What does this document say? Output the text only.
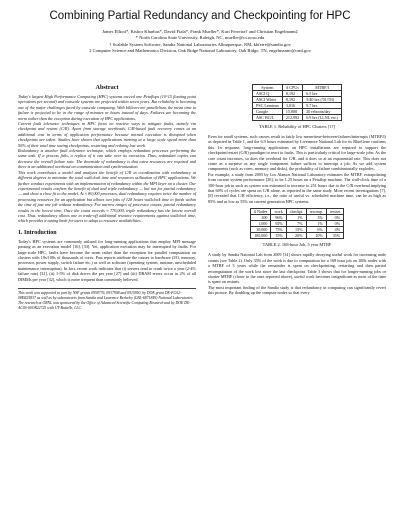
Combining Partial Redundancy and Checkpointing for HPC
James Elliott*, Kishor Kharbas*, David Fiala*, Frank Mueller*, Kurt Ferreira† and Christian Engelmann‡
* North Carolina State University, Raleigh, NC, mueller@cs.ncsu.edu
† Scalable System Software, Sandia National Laboratories Albuquerque, NM, kbferre@sandia.gov
‡ Computer Science and Mathematics Division, Oak Ridge National Laboratory, Oak Ridge, TN, engelmannc@ornl.gov
Abstract

Today's largest High Performance Computing (HPC) systems exceed one Petaflops (10^15 floating point operations per second) and exascale systems are projected within seven years. But reliability is becoming one of the major challenges faced by exascale computing. With billion-core parallelism, the mean time to failure is projected to be in the range of minutes or hours instead of days. Failures are becoming the norm rather than the exception during execution of HPC applications.

Current fault tolerance techniques in HPC focus on reactive ways to mitigate faults, namely via checkpoint and restart (C/R). Apart from storage overheads, C/R-based fault recovery comes at an additional cost in terms of application performance because normal execution is disrupted when checkpoints are taken. Studies have shown that applications running at a large scale spend more than 50% of their total time saving checkpoints, restarting and redoing lost work.

Redundancy is another fault tolerance technique, which employs redundant processes performing the same task. If a process fails, a replica of it can take over its execution. Thus, redundant copies can decrease the overall failure rate. The downside of redundancy is that extra resources are required and there is an additional overhead on communication and synchronization.

This work contributes a model and analyzes the benefit of C/R in coordination with redundancy at different degrees to minimize the total wallclock time and resources utilization of HPC applications. We further conduct experiments with an implementation of redundancy within the MPI layer on a cluster. Our experimental results confirm the benefit of dual and triple redundancy — but not for partial redundancy — and show a close fit to the model. At ≈ 80,000 processes, dual redundancy requires twice the number of processing resources for an application but allows two jobs of 128 hours wallclock time to finish within the time of just one job without redundancy. For narrow ranges of processor counts, partial redundancy results in the lowest time. Once the count exceeds ≈ 770,000, triple redundancy has the lowest overall cost. Thus, redundancy allows one to trade-off additional resource requirements against wallclock time, which provides a tuning knob for users to adapt to resource availabilities.

1. Introduction

Today's HPC systems are commonly utilized for long-running applications that employ MPI message passing as an execution model [16], [33]. Yet, application execution may be interrupted by faults. For large-scale HPC, faults have become the norm rather than the exception for parallel computation on clusters with 10s/100s of thousands of cores. Past reports attribute the causes to hardware (I/O, memory, processor, power supply, switch failure etc.) as well as software (operating system, runtime, unscheduled maintenance interruption). In fact, recent work indicates that (i) servers tend to crash twice a year (2-4% failure rate) [32], (ii) 1-5% of disk drives die per year [27] and (iii) DRAM errors occur in 2% of all DIMMs per year [32], which is more frequent than commonly believed.

This work was supported in part by NSF grants 0958776, 0937908 and 0915950, by DOE grant DE-FG02-08ER25837 as well as by subcontracts from Sandia and Lawrence Berkeley (LBL-6871849) National Laboratories. The research at ORNL was sponsored by the Office of Advanced Scientific Computing Research and by DOE DE-AC05-00OR22725 with UT-Battelle, LLC.
System	# CPUs	MTBF/I
ASCI Q	8,192	6.5 hrs
ASCI White	8,192	5/40 hrs ('01/'03)
PSC Lemieux	3,016	9.7 hrs
Google	15,000	20 reboots/day
ASC BG/L	212,992	6.9 hrs (LLNL est.)
TABLE 1. Reliability of HPC Clusters [17]

Even for small systems, such causes result in fairly low mean-time-between-failures/interrupts (MTBF/I) as depicted in Table 1, and the 6.9 hours estimated by Livermore National Lab for its BlueGene confirms this. In response, long-running applications on HPC installations are required to support the checkpoint/restart (C/R) paradigm to react to faults. This is particularly critical for large-scale jobs: As the core count increases, so does the overhead for C/R, and it does so at an exponential rate. This does not come as a surprise as any single component failure suffices to interrupt a job. As we add system components (such as cores, memory and disks), the probability of failure combinatorially explodes.

For example, a study from 2005 by Los Alamos National Laboratory estimates the MTBF, extrapolating from current system performance [26], to be 1.25 hours on a Petaflop machine. The wall-clock time of a 100-hour job in such as system was estimated to increase to 251 hours due to the C/R overhead implying that 60% of cycles are spent on C/R alone, as reported in the same study. More recent investigations [7], [8] revealed that C/R efficiency, i.e., the ratio of useful vs. scheduled machine time, can be as high as 85% and as low as 55% on current generation HPC systems.

# Nodes	work	checkpt	recomp.	restart
100	96%	1%	3%	0%
1,000	92%	7%	1%	0%
10,000	75%	15%	6%	4%
100,000	35%	20%	10%	35%
TABLE 2. 168-hour Job, 5 year MTBF

A study by Sandia National Lab from 2009 [14] shows rapidly decaying useful work for increasing node counts (see Table 2). Only 35% of the work is due to computation for a 168 hour job on 100k nodes with a MTBF of 5 years while the remainder is spent on checkpointing, restarting and then partial recomputation of the work lost since the last checkpoint. Table 3 shows that for longer-running jobs or shorter MTBF (closer to the ones reported above), useful work becomes insignificant as most of the time is spent on restarts.

The most important finding of the Sandia study is that redundancy in computing can significantly revert this picture. By doubling up the compute nodes so that every
